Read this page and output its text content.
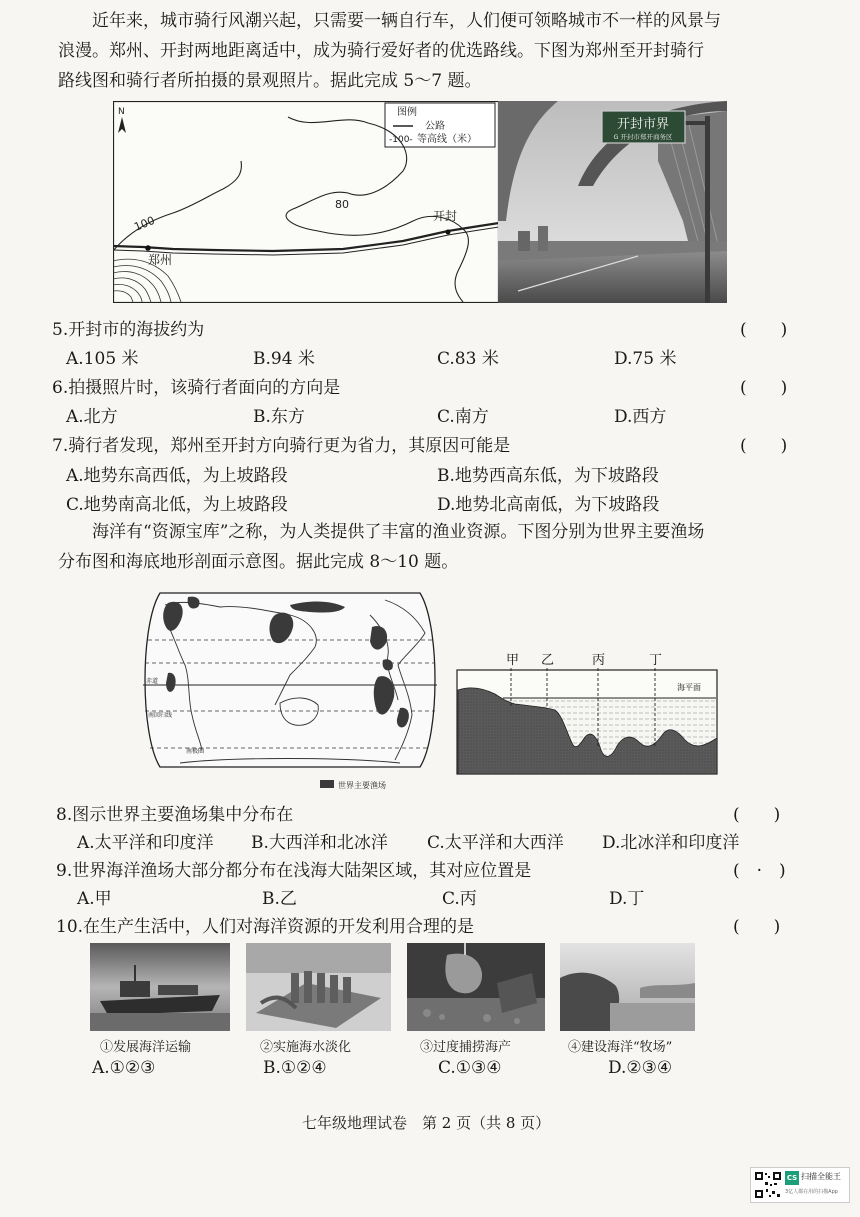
近年来，城市骑行风潮兴起，只需要一辆自行车，人们便可领略城市不一样的风景与
浪漫。郑州、开封两地距离适中，成为骑行爱好者的优选路线。下图为郑州至开封骑行
路线图和骑行者所拍摄的景观照片。据此完成 5～7 题。
N	图例
公路
-100- 等高线（米）
80
100
郑州
开封
开封市界
G 开封市郑开商务区
5.开封市的海拔约为	(　　)
A.105 米	B.94 米	C.83 米	D.75 米
6.拍摄照片时，该骑行者面向的方向是	(　　)
A.北方	B.东方	C.南方	D.西方
7.骑行者发现，郑州至开封方向骑行更为省力，其原因可能是	(　　)
A.地势东高西低，为上坡路段	B.地势西高东低，为下坡路段
C.地势南高北低，为上坡路段	D.地势北高南低，为下坡路段
海洋有“资源宝库”之称，为人类提供了丰富的渔业资源。下图分别为世界主要渔场
分布图和海底地形剖面示意图。据此完成 8～10 题。
赤道
南回归线
南极圈
世界主要渔场
甲 乙	丙	丁
海平面
8.图示世界主要渔场集中分布在	(　　)
A.太平洋和印度洋 B.大西洋和北冰洋 C.太平洋和大西洋 D.北冰洋和印度洋
9.世界海洋渔场大部分都分布在浅海大陆架区域，其对应位置是	(　·　)
A.甲	B.乙	C.丙	D.丁
10.在生产生活中，人们对海洋资源的开发利用合理的是	(　　)
①发展海洋运输	②实施海水淡化	③过度捕捞海产	④建设海洋“牧场”
A.①②③	B.①②④	C.①③④	D.②③④
七年级地理试卷　第 2 页（共 8 页）
CS 扫描全能王
3亿人都在用的扫描App
